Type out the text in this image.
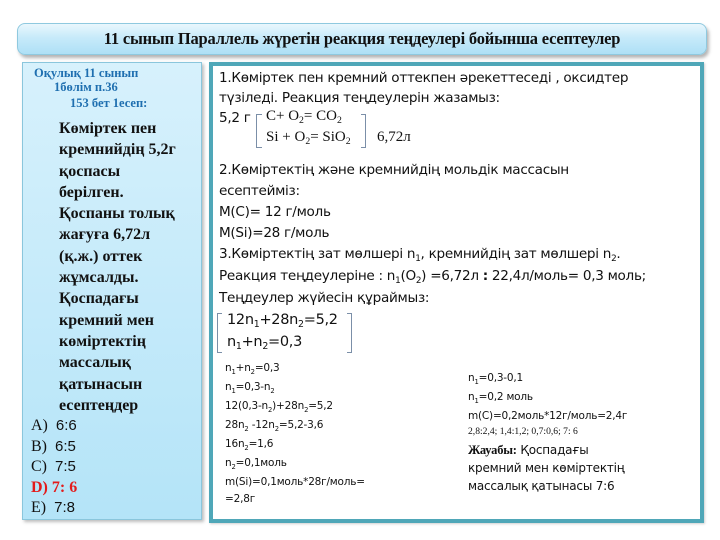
11 сынып Параллель жүретін реакция теңдеулері бойынша есептеулер
Оқулық 11 сынып
1бөлім п.36
153 бет 1есеп:
Көміртек пен
кремнийдің 5,2г
қоспасы
берілген.
Қоспаны толық
жағуға 6,72л
(қ.ж.) оттек
жұмсалды.
Қоспадағы
кремний мен
көміртектің
массалық
қатынасын
есептеңдер
A) 6:6
B) 6:5
C) 7:5
D) 7: 6
E) 7:8
1.Көміртек пен кремний оттекпен әрекеттеседі , оксидтер
түзіледі. Реакция теңдеулерін жазамыз:
5,2 г $C+ O_2= CO_2$
$Si + O_2= SiO_2$ 6,72л
2.Көміртектің және кремнийдің мольдік массасын
есептейміз:
M(C)= 12 г/моль
M(Si)=28 г/моль
3.Көміртектің зат мөлшері $n_1$, кремнийдің зат мөлшері $n_2$.
Реакция теңдеулеріне : $n_1(O_2) =6,72л$ : 22,4л/моль= 0,3 моль;
Теңдеулер жүйесін құраймыз:
$12n_1+28n_2=5,2$
$n_1+n_2=0,3$
$n_1+n_2=0,3$
$n_1=0,3-n_2$
$12(0,3-n_2)+28n_2=5,2$
$28n_2$ $-12n_2=5,2-3,6$
$16n_2=1,6$
$n_2=0,1моль$
m(Si)=0,1моль*28г/моль=
=2,8г
$n_1=0,3-0,1$
$n_1=0,2$ моль
m(C)=0,2моль*12г/моль=2,4г
2,8:2,4; 1,4:1,2; 0,7:0,6; 7: 6
Жауабы: Қоспадағы
кремний мен көміртектің
массалық қатынасы 7:6
